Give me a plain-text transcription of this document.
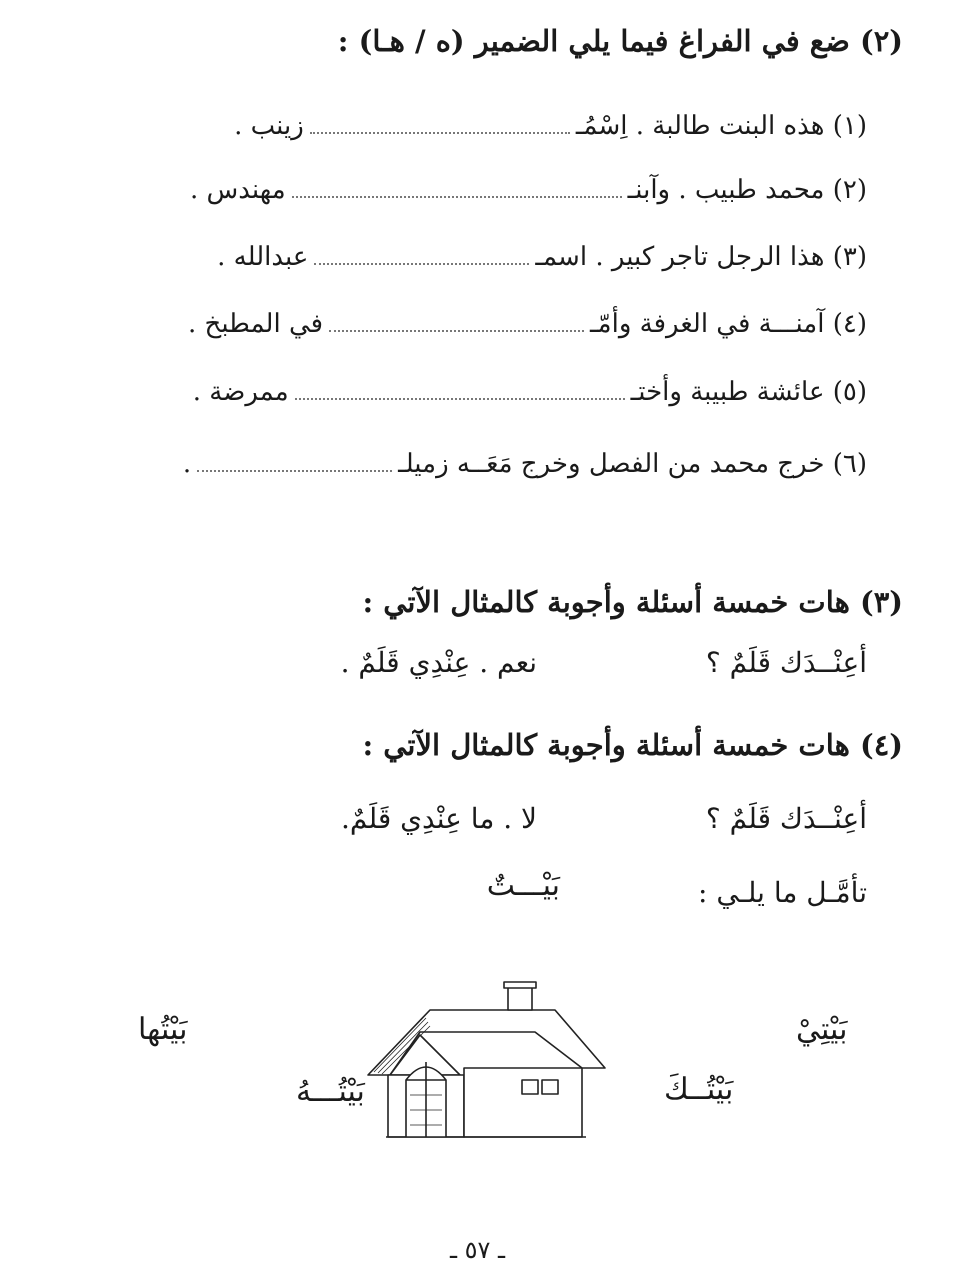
(٢) ضع في الفراغ فيما يلي الضمير (ه / هـا) :
(١) هذه البنت طالبة . اِسْمُـزينب .
(٢) محمد طبيب . وآبنـمهندس .
(٣) هذا الرجل تاجر كبير . اسمـعبدالله .
(٤) آمنـــة في الغرفة وأمّـفي المطبخ .
(٥) عائشة طبيبة وأختـممرضة .
(٦) خرج محمد من الفصل وخرج مَعَــه زميلـ.
(٣) هات خمسة أسئلة وأجوبة كالمثال الآتي :
أعِنْــدَك قَلَمٌ ؟
نعم . عِنْدِي قَلَمٌ .
(٤) هات خمسة أسئلة وأجوبة كالمثال الآتي :
أعِنْــدَك قَلَمٌ ؟
لا . ما عِنْدِي قَلَمٌ.
تأمَّـل ما يلـي :
بَيْـــتٌ
بَيْتِيْ
بَيْتُــكَ
بَيْتُـــهُ
بَيْتُها
ـ ٥٧ ـ
